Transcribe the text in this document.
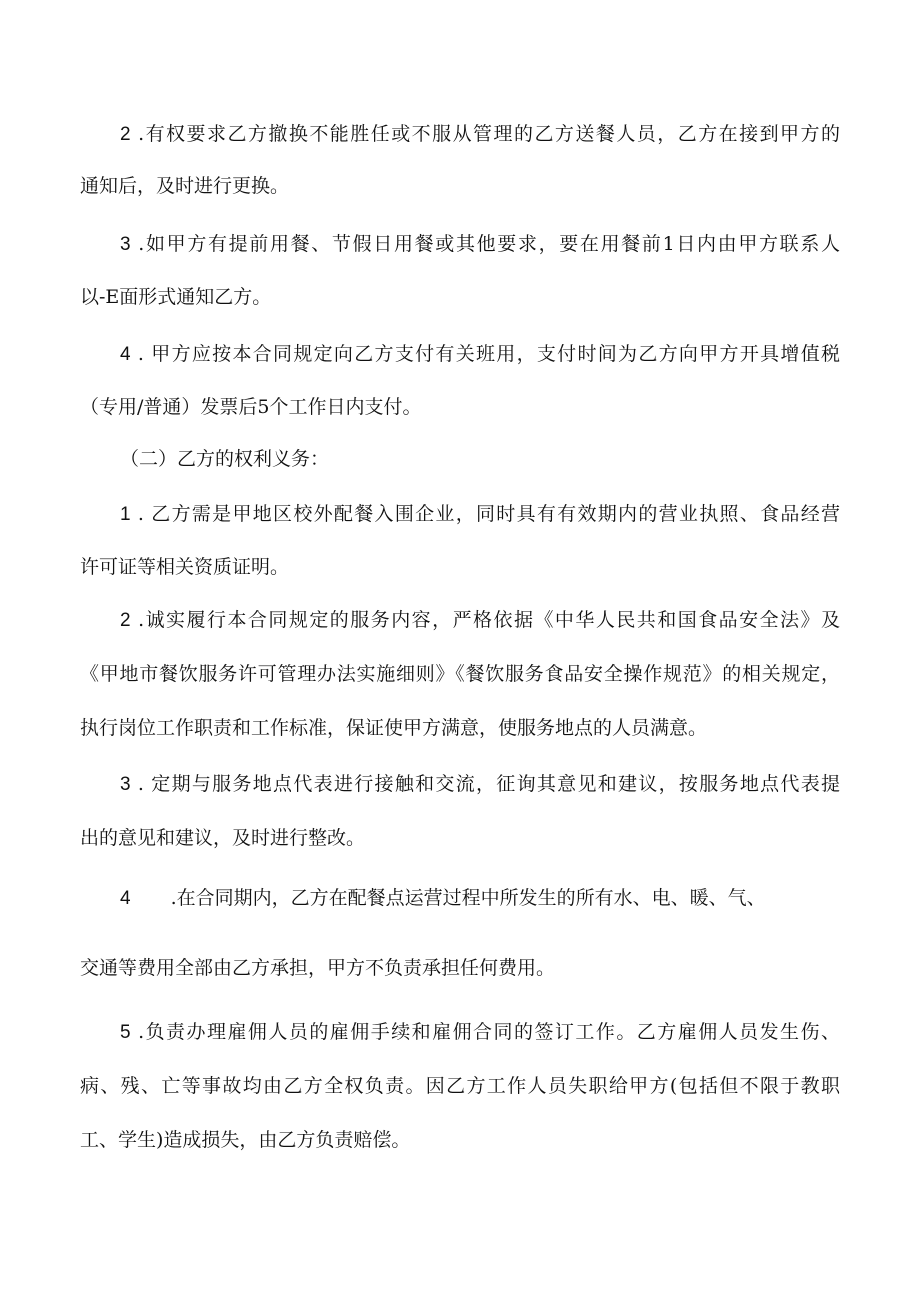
2 .有权要求乙方撤换不能胜任或不服从管理的乙方送餐人员，乙方在接到甲方的
通知后，及时进行更换。
3 .如甲方有提前用餐、节假日用餐或其他要求，要在用餐前1日内由甲方联系人
以-E面形式通知乙方。
4 . 甲方应按本合同规定向乙方支付有关班用，支付时间为乙方向甲方开具增值税
（专用/普通）发票后5个工作日内支付。
（二）乙方的权利义务：
1 . 乙方需是甲地区校外配餐入围企业，同时具有有效期内的营业执照、食品经营
许可证等相关资质证明。
2 .诚实履行本合同规定的服务内容，严格依据《中华人民共和国食品安全法》及
《甲地市餐饮服务许可管理办法实施细则》《餐饮服务食品安全操作规范》的相关规定，
执行岗位工作职责和工作标准，保证使甲方满意，使服务地点的人员满意。
3 . 定期与服务地点代表进行接触和交流，征询其意见和建议，按服务地点代表提
出的意见和建议，及时进行整改。
4 .在合同期内，乙方在配餐点运营过程中所发生的所有水、电、暖、气、
交通等费用全部由乙方承担，甲方不负责承担任何费用。
5 .负责办理雇佣人员的雇佣手续和雇佣合同的签订工作。乙方雇佣人员发生伤、
病、残、亡等事故均由乙方全权负责。因乙方工作人员失职给甲方(包括但不限于教职
工、学生)造成损失，由乙方负责赔偿。
